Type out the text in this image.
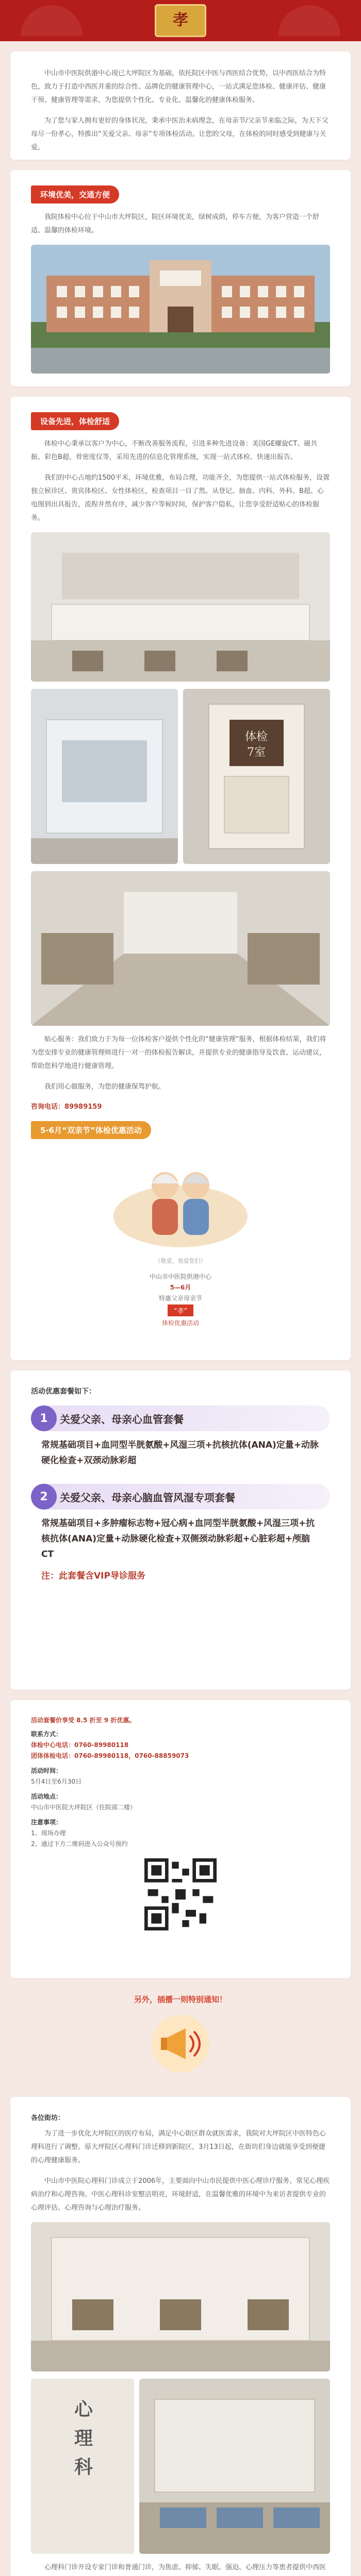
孝

中山市中医院供港中心现已大坪院区为基础，依托院区中医与西医结合优势，以中西医结合为特色，致力于打造中西医并重的综合性、品牌化的健康管理中心，一站式满足您体检、健康评估、健康干预、健康管理等需求，为您提供个性化、专业化、温馨化的健康体检服务。

为了您与家人拥有更好的身体状况，秉承中医治未病理念，在母亲节/父亲节来临之际，为天下父母尽一份孝心，特推出“关爱父亲、母亲”专项体检活动。让您的父母，在体检的同时感受到健康与关爱。

环境优美，交通方便

我院体检中心位于中山市大坪院区，院区环境优美，绿树成荫，停车方便，为客户营造一个舒适、温馨的体检环境。

设备先进，体检舒适

体检中心秉承以客户为中心，不断改善服务流程，引进多种先进设备：美国GE螺旋CT、磁共振、彩色B超、骨密度仪等，采用先进的信息化管理系统，实现一站式体检、快速出报告。

我们的中心占地约1500平米，环境优雅，布局合理，功能齐全，为您提供一站式体检服务，设置独立候诊区、贵宾体检区、女性体检区，检查项目一目了然。从登记、抽血、内科、外科、B超、心电图到出具报告，流程井然有序，减少客户等候时间，保护客户隐私，让您享受舒适贴心的体检服务。

体检
7室

贴心服务：我们致力于为每一位体检客户提供个性化的“健康管理”服务，根据体检结果，我们将为您安排专业的健康管理师进行一对一的体检报告解读，并提供专业的健康指导及饮食、运动建议，帮助您科学地进行健康管理。

我们用心做服务，为您的健康保驾护航。

咨询电话：89989159

5-6月“双亲节”体检优惠活动

（敬爱，我爱您们）

中山市中医院供港中心

5—6月

特惠父亲母亲节

“孝”

体检优惠活动

活动优惠套餐如下：

1	关爱父亲、母亲心血管套餐

常规基础项目+血同型半胱氨酸+风湿三项+抗核抗体(ANA)定量+动脉硬化检查+双颈动脉彩超

2	关爱父亲、母亲心脑血管风湿专项套餐

常规基础项目+多肿瘤标志物+冠心病+血同型半胱氨酸+风湿三项+抗核抗体(ANA)定量+动脉硬化检查+双侧颈动脉彩超+心脏彩超+颅脑 CT

注：此套餐含VIP导诊服务

活动套餐价享受 8.5 折至 9 折优惠。

联系方式：

体检中心电话：0760-89980118

团体体检电话：0760-89980118，0760-88859073

活动时间：

5月4日至6月30日

活动地点：

中山市中医院大坪院区（住院部二楼）

注意事项：

1、现场办理

2、通过下方二维码进入公众号预约

另外，插播一则特别通知！

各位街坊：

为了进一步优化大坪院区的医疗布局，满足中心街区群众就医需求，我院对大坪院区中医特色心理科进行了调整。原大坪院区心理科门诊迁移到新院区，3月13日起，在街坊们身边就能享受到便捷的心理健康服务。

中山市中医院心理科门诊成立于2006年，主要面向中山市民提供中医心理诊疗服务、常见心理疾病治疗和心理咨询。中医心理科诊室整洁明亮，环境舒适，在温馨优雅的环境中为来访者提供专业的心理评估、心理咨询与心理治疗服务。

心理科

心理科门诊开设专家门诊和普通门诊，为焦虑、抑郁、失眠、强迫、心理压力等患者提供中西医
